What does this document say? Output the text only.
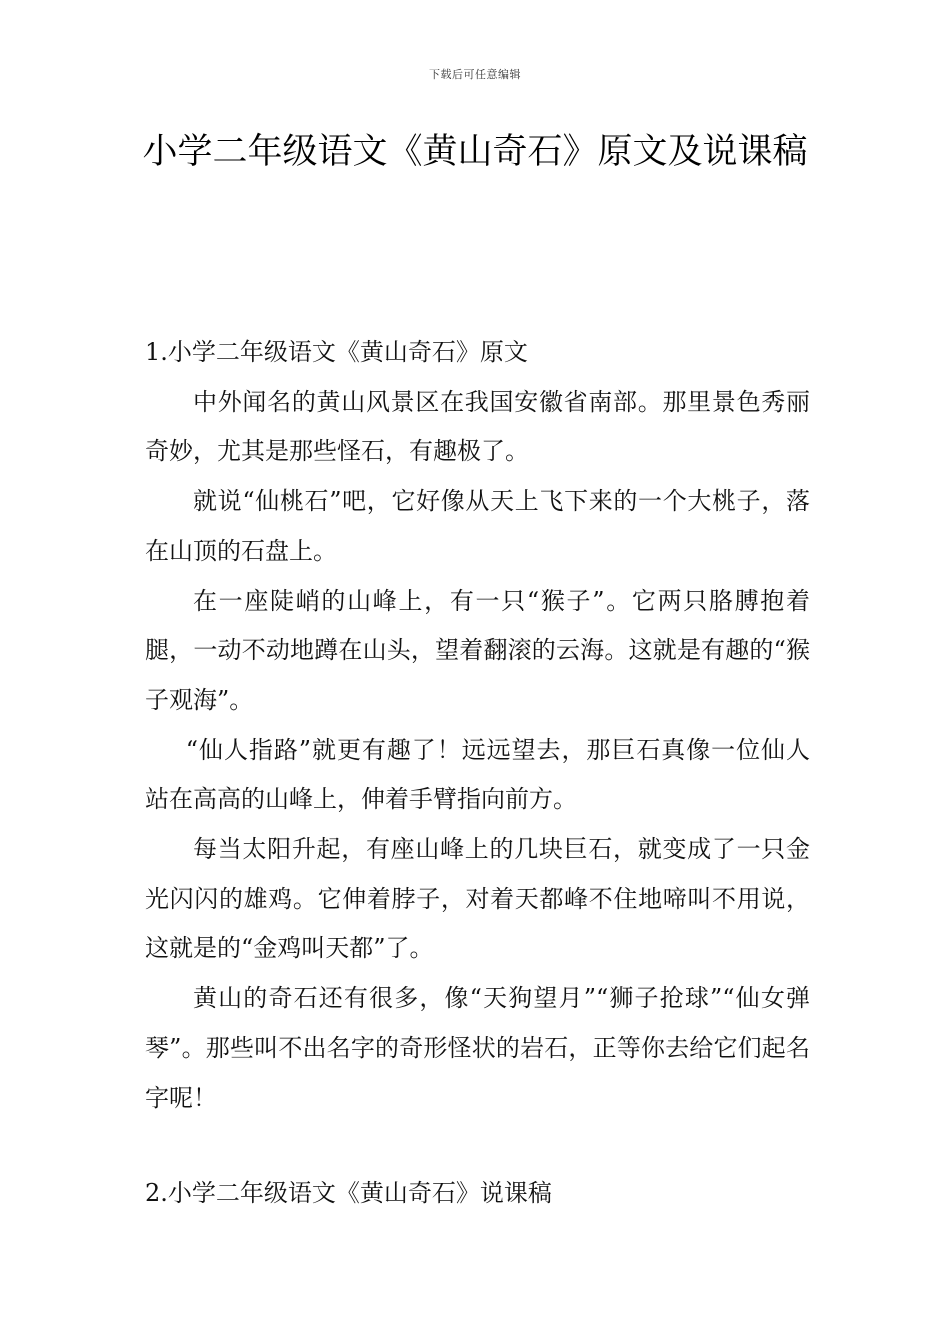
下载后可任意编辑
小学二年级语文《黄山奇石》原文及说课稿
1.小学二年级语文《黄山奇石》原文

中外闻名的黄山风景区在我国安徽省南部。那里景色秀丽奇妙，尤其是那些怪石，有趣极了。

就说“仙桃石”吧，它好像从天上飞下来的一个大桃子，落在山顶的石盘上。

在一座陡峭的山峰上，有一只“猴子”。它两只胳膊抱着腿，一动不动地蹲在山头，望着翻滚的云海。这就是有趣的“猴子观海”。

“仙人指路”就更有趣了！远远望去，那巨石真像一位仙人站在高高的山峰上，伸着手臂指向前方。

每当太阳升起，有座山峰上的几块巨石，就变成了一只金光闪闪的雄鸡。它伸着脖子，对着天都峰不住地啼叫不用说，这就是的“金鸡叫天都”了。

黄山的奇石还有很多，像“天狗望月”“狮子抢球”“仙女弹琴”。那些叫不出名字的奇形怪状的岩石，正等你去给它们起名字呢！

2.小学二年级语文《黄山奇石》说课稿
